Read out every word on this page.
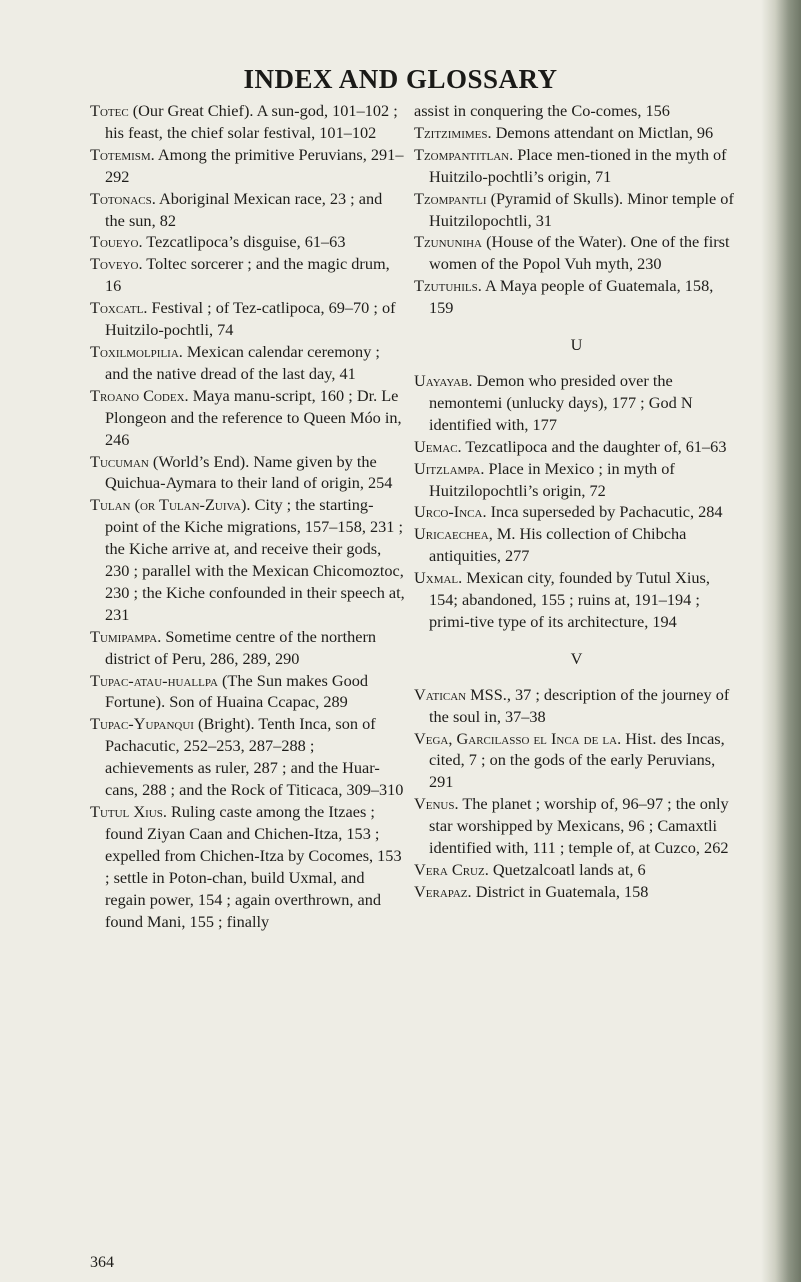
INDEX AND GLOSSARY

Totec (Our Great Chief). A sun-god, 101–102 ; his feast, the chief solar festival, 101–102

Totemism. Among the primitive Peruvians, 291–292

Totonacs. Aboriginal Mexican race, 23 ; and the sun, 82

Toueyo. Tezcatlipoca’s disguise, 61–63

Toveyo. Toltec sorcerer ; and the magic drum, 16

Toxcatl. Festival ; of Tez-catlipoca, 69–70 ; of Huitzilo-pochtli, 74

Toxilmolpilia. Mexican calendar ceremony ; and the native dread of the last day, 41

Troano Codex. Maya manu-script, 160 ; Dr. Le Plongeon and the reference to Queen Móo in, 246

Tucuman (World’s End). Name given by the Quichua-Aymara to their land of origin, 254

Tulan (or Tulan-Zuiva). City ; the starting-point of the Kiche migrations, 157–158, 231 ; the Kiche arrive at, and receive their gods, 230 ; parallel with the Mexican Chicomoztoc, 230 ; the Kiche confounded in their speech at, 231

Tumipampa. Sometime centre of the northern district of Peru, 286, 289, 290

Tupac-atau-huallpa (The Sun makes Good Fortune). Son of Huaina Ccapac, 289

Tupac-Yupanqui (Bright). Tenth Inca, son of Pachacutic, 252–253, 287–288 ; achievements as ruler, 287 ; and the Huar-cans, 288 ; and the Rock of Titicaca, 309–310

Tutul Xius. Ruling caste among the Itzaes ; found Ziyan Caan and Chichen-Itza, 153 ; expelled from Chichen-Itza by Cocomes, 153 ; settle in Poton-chan, build Uxmal, and regain power, 154 ; again overthrown, and found Mani, 155 ; finally

364

assist in conquering the Co-comes, 156

Tzitzimimes. Demons attendant on Mictlan, 96

Tzompantitlan. Place men-tioned in the myth of Huitzilo-pochtli’s origin, 71

Tzompantli (Pyramid of Skulls). Minor temple of Huitzilopochtli, 31

Tzununiha (House of the Water). One of the first women of the Popol Vuh myth, 230

Tzutuhils. A Maya people of Guatemala, 158, 159

U

Uayayab. Demon who presided over the nemontemi (unlucky days), 177 ; God N identified with, 177

Uemac. Tezcatlipoca and the daughter of, 61–63

Uitzlampa. Place in Mexico ; in myth of Huitzilopochtli’s origin, 72

Urco-Inca. Inca superseded by Pachacutic, 284

Uricaechea, M. His collection of Chibcha antiquities, 277

Uxmal. Mexican city, founded by Tutul Xius, 154; abandoned, 155 ; ruins at, 191–194 ; primi-tive type of its architecture, 194

V

Vatican MSS., 37 ; description of the journey of the soul in, 37–38

Vega, Garcilasso el Inca de la. Hist. des Incas, cited, 7 ; on the gods of the early Peruvians, 291

Venus. The planet ; worship of, 96–97 ; the only star worshipped by Mexicans, 96 ; Camaxtli identified with, 111 ; temple of, at Cuzco, 262

Vera Cruz. Quetzalcoatl lands at, 6

Verapaz. District in Guatemala, 158
